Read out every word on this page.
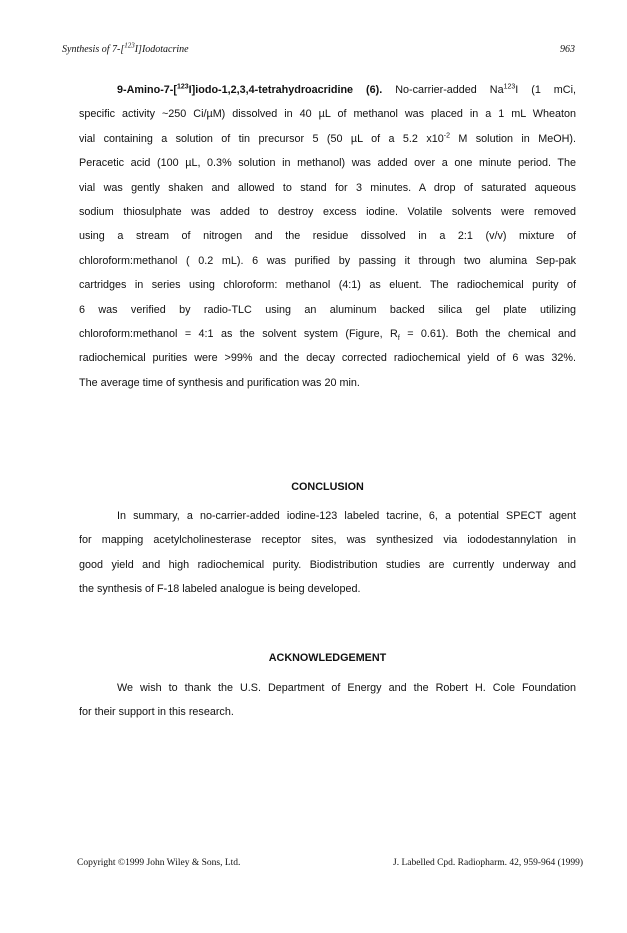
Synthesis of 7-[$^{123}$I]Iodotacrine	963
9-Amino-7-[$^{123}$I]iodo-1,2,3,4-tetrahydroacridine (6). No-carrier-added Na$^{123}$I (1 mCi,
specific activity ~250 Ci/µM) dissolved in 40 µL of methanol was placed in a 1 mL Wheaton
vial containing a solution of tin precursor 5 (50 µL of a 5.2 $x10^{-2}$ M solution in MeOH).
Peracetic acid (100 µL, 0.3% solution in methanol) was added over a one minute period. The
vial was gently shaken and allowed to stand for 3 minutes. A drop of saturated aqueous
sodium thiosulphate was added to destroy excess iodine. Volatile solvents were removed
using a stream of nitrogen and the residue dissolved in a 2:1 (v/v) mixture of
chloroform:methanol ( 0.2 mL). 6 was purified by passing it through two alumina Sep-pak
cartridges in series using chloroform: methanol (4:1) as eluent. The radiochemical purity of
6 was verified by radio-TLC using an aluminum backed silica gel plate utilizing
chloroform:methanol = 4:1 as the solvent system (Figure, $R_f = 0.61$). Both the chemical and
radiochemical purities were >99% and the decay corrected radiochemical yield of 6 was 32%.
The average time of synthesis and purification was 20 min.
CONCLUSION
In summary, a no-carrier-added iodine-123 labeled tacrine, 6, a potential SPECT agent
for mapping acetylcholinesterase receptor sites, was synthesized via iododestannylation in
good yield and high radiochemical purity. Biodistribution studies are currently underway and
the synthesis of F-18 labeled analogue is being developed.
ACKNOWLEDGEMENT
We wish to thank the U.S. Department of Energy and the Robert H. Cole Foundation
for their support in this research.
Copyright ©1999 John Wiley & Sons, Ltd.	J. Labelled Cpd. Radiopharm. 42, 959-964 (1999)
